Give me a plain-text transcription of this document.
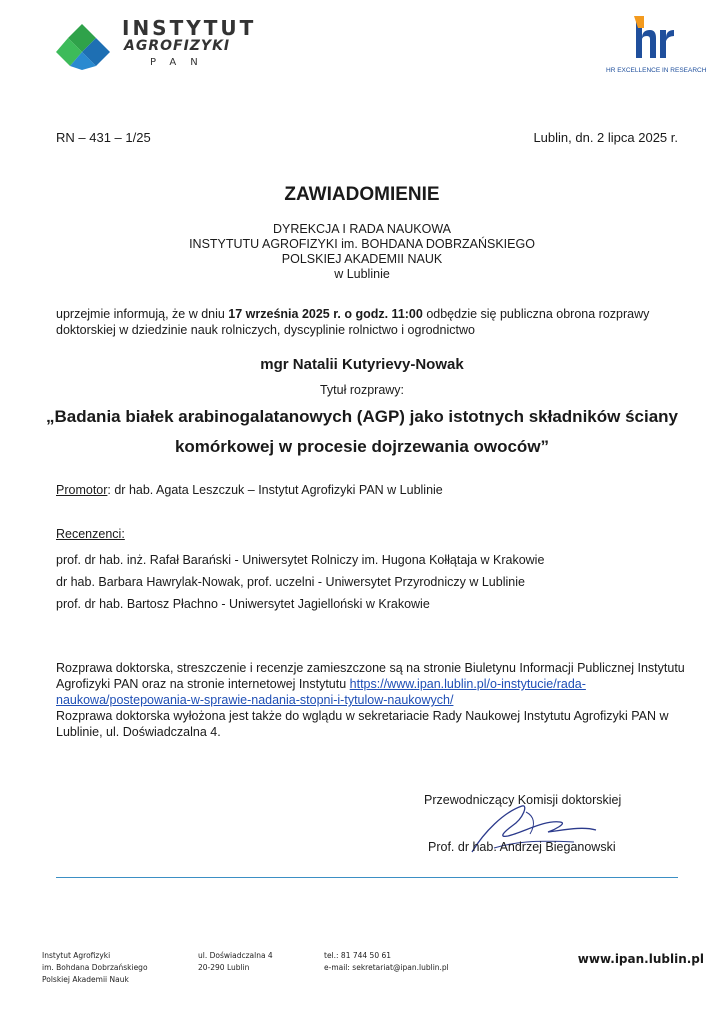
INSTYTUT
AGROFIZYKI
PAN
HR EXCELLENCE IN RESEARCH
RN – 431 – 1/25	Lublin, dn. 2 lipca 2025 r.
ZAWIADOMIENIE
DYREKCJA I RADA NAUKOWA
INSTYTUTU AGROFIZYKI im. BOHDANA DOBRZAŃSKIEGO
POLSKIEJ AKADEMII NAUK
w Lublinie
uprzejmie informują, że w dniu 17 września 2025 r. o godz. 11:00 odbędzie się publiczna obrona rozprawy doktorskiej w dziedzinie nauk rolniczych, dyscyplinie rolnictwo i ogrodnictwo
mgr Natalii Kutyrievy-Nowak
Tytuł rozprawy:
„Badania białek arabinogalatanowych (AGP) jako istotnych składników ściany komórkowej w procesie dojrzewania owoców”
Promotor: dr hab. Agata Leszczuk – Instytut Agrofizyki PAN w Lublinie
Recenzenci:
prof. dr hab. inż. Rafał Barański - Uniwersytet Rolniczy im. Hugona Kołłątaja w Krakowie
dr hab. Barbara Hawrylak-Nowak, prof. uczelni - Uniwersytet Przyrodniczy w Lublinie
prof. dr hab. Bartosz Płachno - Uniwersytet Jagielloński w Krakowie
Rozprawa doktorska, streszczenie i recenzje zamieszczone są na stronie Biuletynu Informacji Publicznej Instytutu Agrofizyki PAN oraz na stronie internetowej Instytutu https://www.ipan.lublin.pl/o-instytucie/rada-naukowa/postepowania-w-sprawie-nadania-stopni-i-tytulow-naukowych/
Rozprawa doktorska wyłożona jest także do wglądu w sekretariacie Rady Naukowej Instytutu Agrofizyki PAN w Lublinie, ul. Doświadczalna 4.
Przewodniczący Komisji doktorskiej
Prof. dr hab. Andrzej Bieganowski
Instytut Agrofizyki
im. Bohdana Dobrzańskiego
Polskiej Akademii Nauk
ul. Doświadczalna 4
20-290 Lublin
tel.: 81 744 50 61
e-mail: sekretariat@ipan.lublin.pl
www.ipan.lublin.pl
